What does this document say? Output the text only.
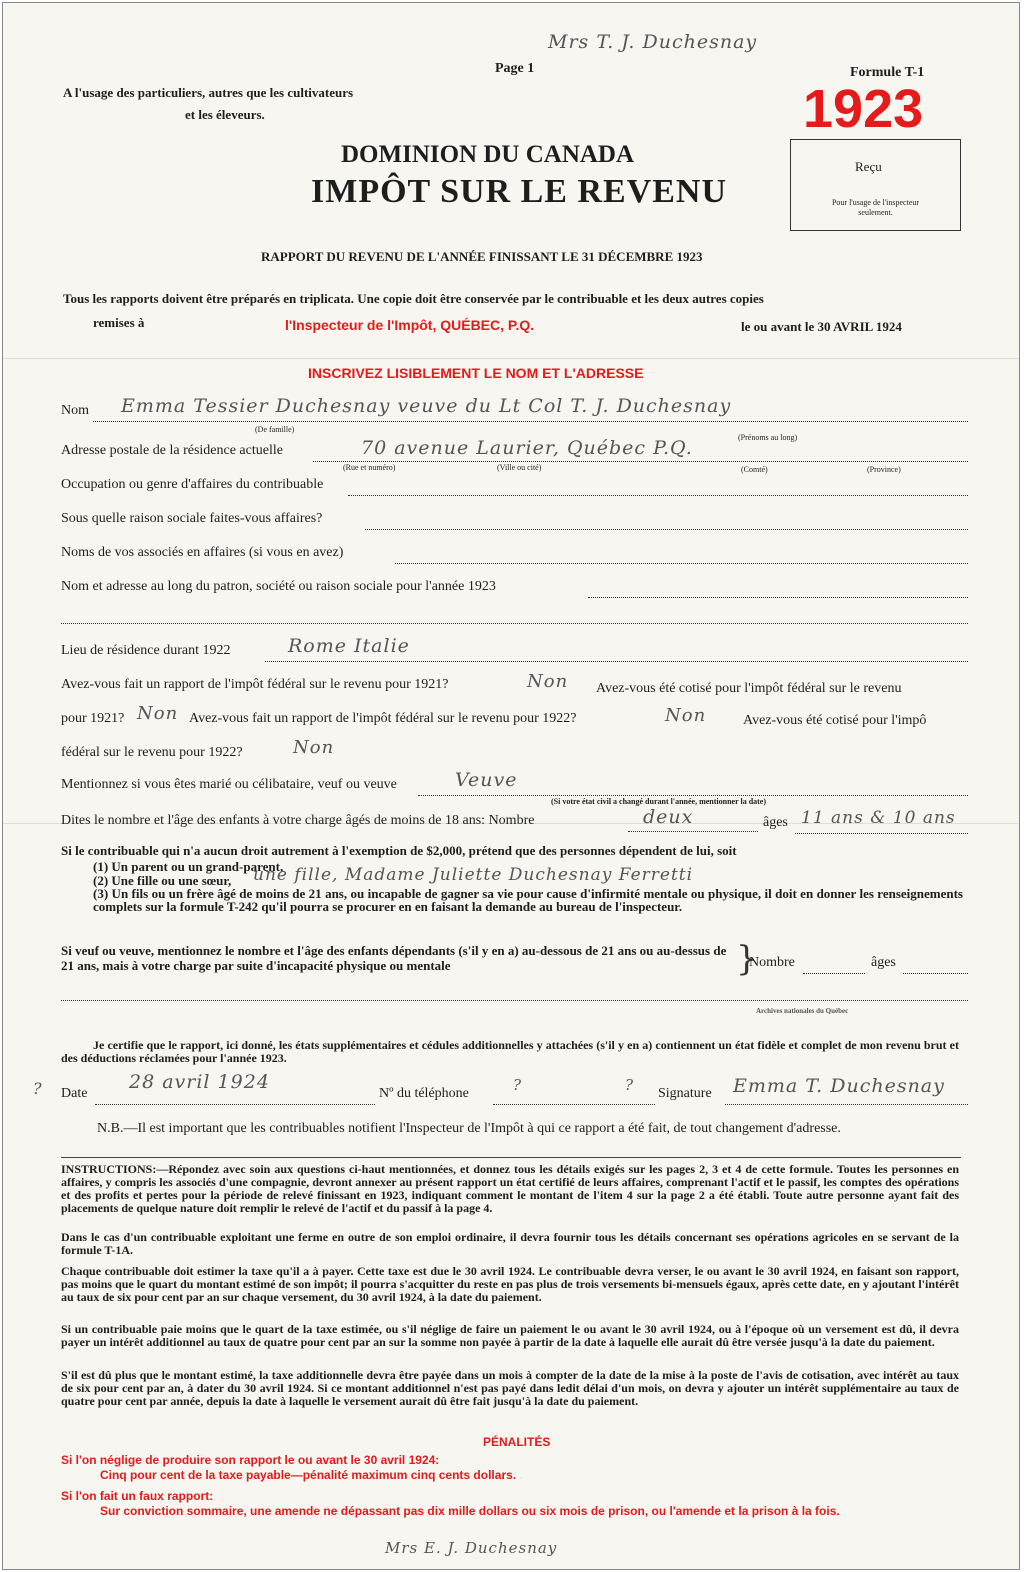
Mrs T. J. Duchesnay
Page 1	Formule T-1
1923
A l'usage des particuliers, autres que les cultivateurs
et les éleveurs.
DOMINION DU CANADA
IMPÔT SUR LE REVENU
Reçu
Pour l'usage de l'inspecteur
seulement.
RAPPORT DU REVENU DE L'ANNÉE FINISSANT LE 31 DÉCEMBRE 1923
Tous les rapports doivent être préparés en triplicata. Une copie doit être conservée par le contribuable et les deux autres copies
remises à	l'Inspecteur de l'Impôt, QUÉBEC, P.Q.	le ou avant le 30 AVRIL 1924
INSCRIVEZ LISIBLEMENT LE NOM ET L'ADRESSE
Nom Emma Tessier Duchesnay veuve du Lt Col T. J. Duchesnay
(De famille)
(Prénoms au long)
Adresse postale de la résidence actuelle	70 avenue Laurier, Québec P.Q.
(Rue et numéro)	(Ville ou cité)	(Comté)	(Province)
Occupation ou genre d'affaires du contribuable
Sous quelle raison sociale faites-vous affaires?
Noms de vos associés en affaires (si vous en avez)
Nom et adresse au long du patron, société ou raison sociale pour l'année 1923
Lieu de résidence durant 1922	Rome Italie
Avez-vous fait un rapport de l'impôt fédéral sur le revenu pour 1921?	Non Avez-vous été cotisé pour l'impôt fédéral sur le revenu
pour 1921? Non Avez-vous fait un rapport de l'impôt fédéral sur le revenu pour 1922?	Non	Avez-vous été cotisé pour l'impô
fédéral sur le revenu pour 1922?	Non
Mentionnez si vous êtes marié ou célibataire, veuf ou veuve	Veuve
(Si votre état civil a changé durant l'année, mentionner la date)
Dites le nombre et l'âge des enfants à votre charge âgés de moins de 18 ans: Nombre	deux	âges 11 ans & 10 ans
Si le contribuable qui n'a aucun droit autrement à l'exemption de $2,000, prétend que des personnes dépendent de lui, soit
(1) Un parent ou un grand-parent,
(2) Une fille ou une sœur, une fille, Madame Juliette Duchesnay Ferretti
(3) Un fils ou un frère âgé de moins de 21 ans, ou incapable de gagner sa vie pour cause d'infirmité mentale ou physique, il doit en donner les renseignements complets sur la formule T-242 qu'il pourra se procurer en en faisant la demande au bureau de l'inspecteur.
Si veuf ou veuve, mentionnez le nombre et l'âge des enfants dépendants (s'il y en a) au-dessous de 21 ans ou au-dessus de 21 ans, mais à votre charge par suite d'incapacité physique ou mentale	}
Nombre	âges
Archives nationales du Québec
Je certifie que le rapport, ici donné, les états supplémentaires et cédules additionnelles y attachées (s'il y en a) contiennent un état fidèle et complet de mon revenu brut et des déductions réclamées pour l'année 1923.
? Date
28 avril 1924
Nº du téléphone	?	? Signature Emma T. Duchesnay
N.B.—Il est important que les contribuables notifient l'Inspecteur de l'Impôt à qui ce rapport a été fait, de tout changement d'adresse.
INSTRUCTIONS:—Répondez avec soin aux questions ci-haut mentionnées, et donnez tous les détails exigés sur les pages 2, 3 et 4 de cette formule. Toutes les personnes en affaires, y compris les associés d'une compagnie, devront annexer au présent rapport un état certifié de leurs affaires, comprenant l'actif et le passif, les comptes des opérations et des profits et pertes pour la période de relevé finissant en 1923, indiquant comment le montant de l'item 4 sur la page 2 a été établi. Toute autre personne ayant fait des placements de quelque nature doit remplir le relevé de l'actif et du passif à la page 4.
Dans le cas d'un contribuable exploitant une ferme en outre de son emploi ordinaire, il devra fournir tous les détails concernant ses opérations agricoles en se servant de la formule T-1A.
Chaque contribuable doit estimer la taxe qu'il a à payer. Cette taxe est due le 30 avril 1924. Le contribuable devra verser, le ou avant le 30 avril 1924, en faisant son rapport, pas moins que le quart du montant estimé de son impôt; il pourra s'acquitter du reste en pas plus de trois versements bi-mensuels égaux, après cette date, en y ajoutant l'intérêt au taux de six pour cent par an sur chaque versement, du 30 avril 1924, à la date du paiement.
Si un contribuable paie moins que le quart de la taxe estimée, ou s'il néglige de faire un paiement le ou avant le 30 avril 1924, ou à l'époque où un versement est dû, il devra payer un intérêt additionnel au taux de quatre pour cent par an sur la somme non payée à partir de la date à laquelle elle aurait dû être versée jusqu'à la date du paiement.
S'il est dû plus que le montant estimé, la taxe additionnelle devra être payée dans un mois à compter de la date de la mise à la poste de l'avis de cotisation, avec intérêt au taux de six pour cent par an, à dater du 30 avril 1924. Si ce montant additionnel n'est pas payé dans ledit délai d'un mois, on devra y ajouter un intérêt supplémentaire au taux de quatre pour cent par année, depuis la date à laquelle le versement aurait dû être fait jusqu'à la date du paiement.
PÉNALITÉS
Si l'on néglige de produire son rapport le ou avant le 30 avril 1924:
Cinq pour cent de la taxe payable—pénalité maximum cinq cents dollars.
Si l'on fait un faux rapport:
Sur conviction sommaire, une amende ne dépassant pas dix mille dollars ou six mois de prison, ou l'amende et la prison à la fois.
Mrs E. J. Duchesnay
